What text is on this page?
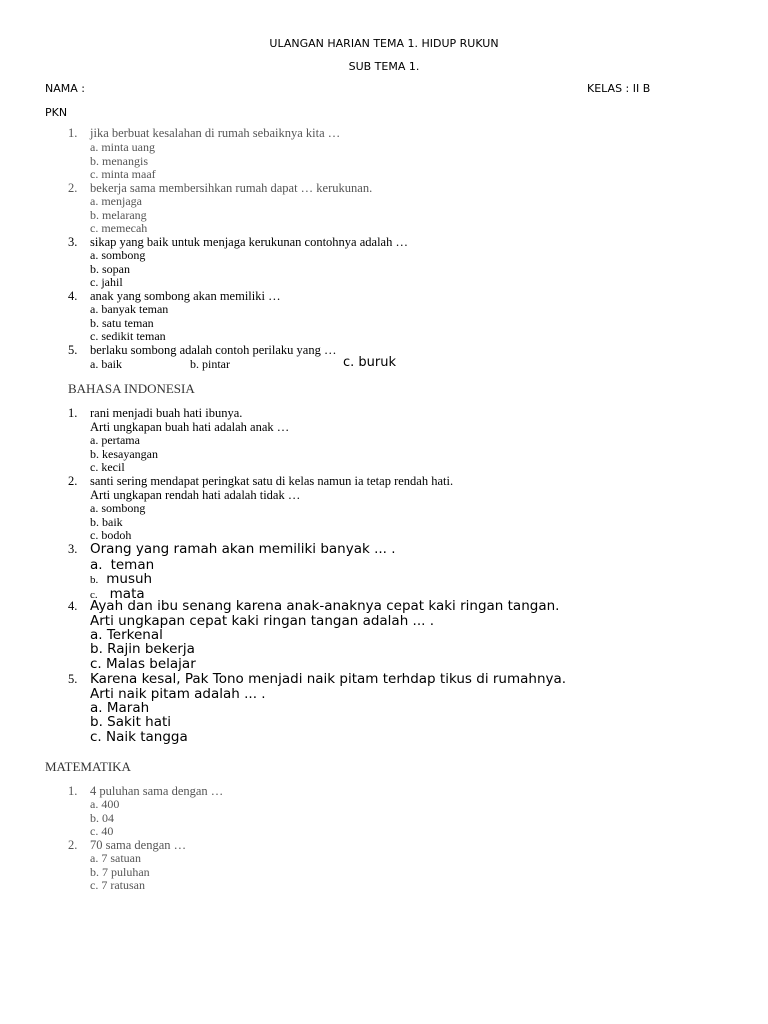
ULANGAN HARIAN TEMA 1. HIDUP RUKUN
SUB TEMA 1.
NAMA :	KELAS : II B
PKN
1. jika berbuat kesalahan di rumah sebaiknya kita …
a. minta uang
b. menangis
c. minta maaf
2. bekerja sama membersihkan rumah dapat … kerukunan.
a. menjaga
b. melarang
c. memecah
3. sikap yang baik untuk menjaga kerukunan contohnya adalah …
a. sombong
b. sopan
c. jahil
4. anak yang sombong akan memiliki …
a. banyak teman
b. satu teman
c. sedikit teman
5. berlaku sombong adalah contoh perilaku yang …
a. baik	b. pintar	c. buruk
BAHASA INDONESIA
1. rani menjadi buah hati ibunya.
Arti ungkapan buah hati adalah anak …
a. pertama
b. kesayangan
c. kecil
2. santi sering mendapat peringkat satu di kelas namun ia tetap rendah hati.
Arti ungkapan rendah hati adalah tidak …
a. sombong
b. baik
c. bodoh
3. Orang yang ramah akan memiliki banyak ... .
a. teman
b. musuh
c. mata
4. Ayah dan ibu senang karena anak-anaknya cepat kaki ringan tangan.
Arti ungkapan cepat kaki ringan tangan adalah ... .
a. Terkenal
b. Rajin bekerja
c. Malas belajar
5. Karena kesal, Pak Tono menjadi naik pitam terhdap tikus di rumahnya.
Arti naik pitam adalah ... .
a. Marah
b. Sakit hati
c. Naik tangga
MATEMATIKA
1. 4 puluhan sama dengan …
a. 400
b. 04
c. 40
2. 70 sama dengan …
a. 7 satuan
b. 7 puluhan
c. 7 ratusan
